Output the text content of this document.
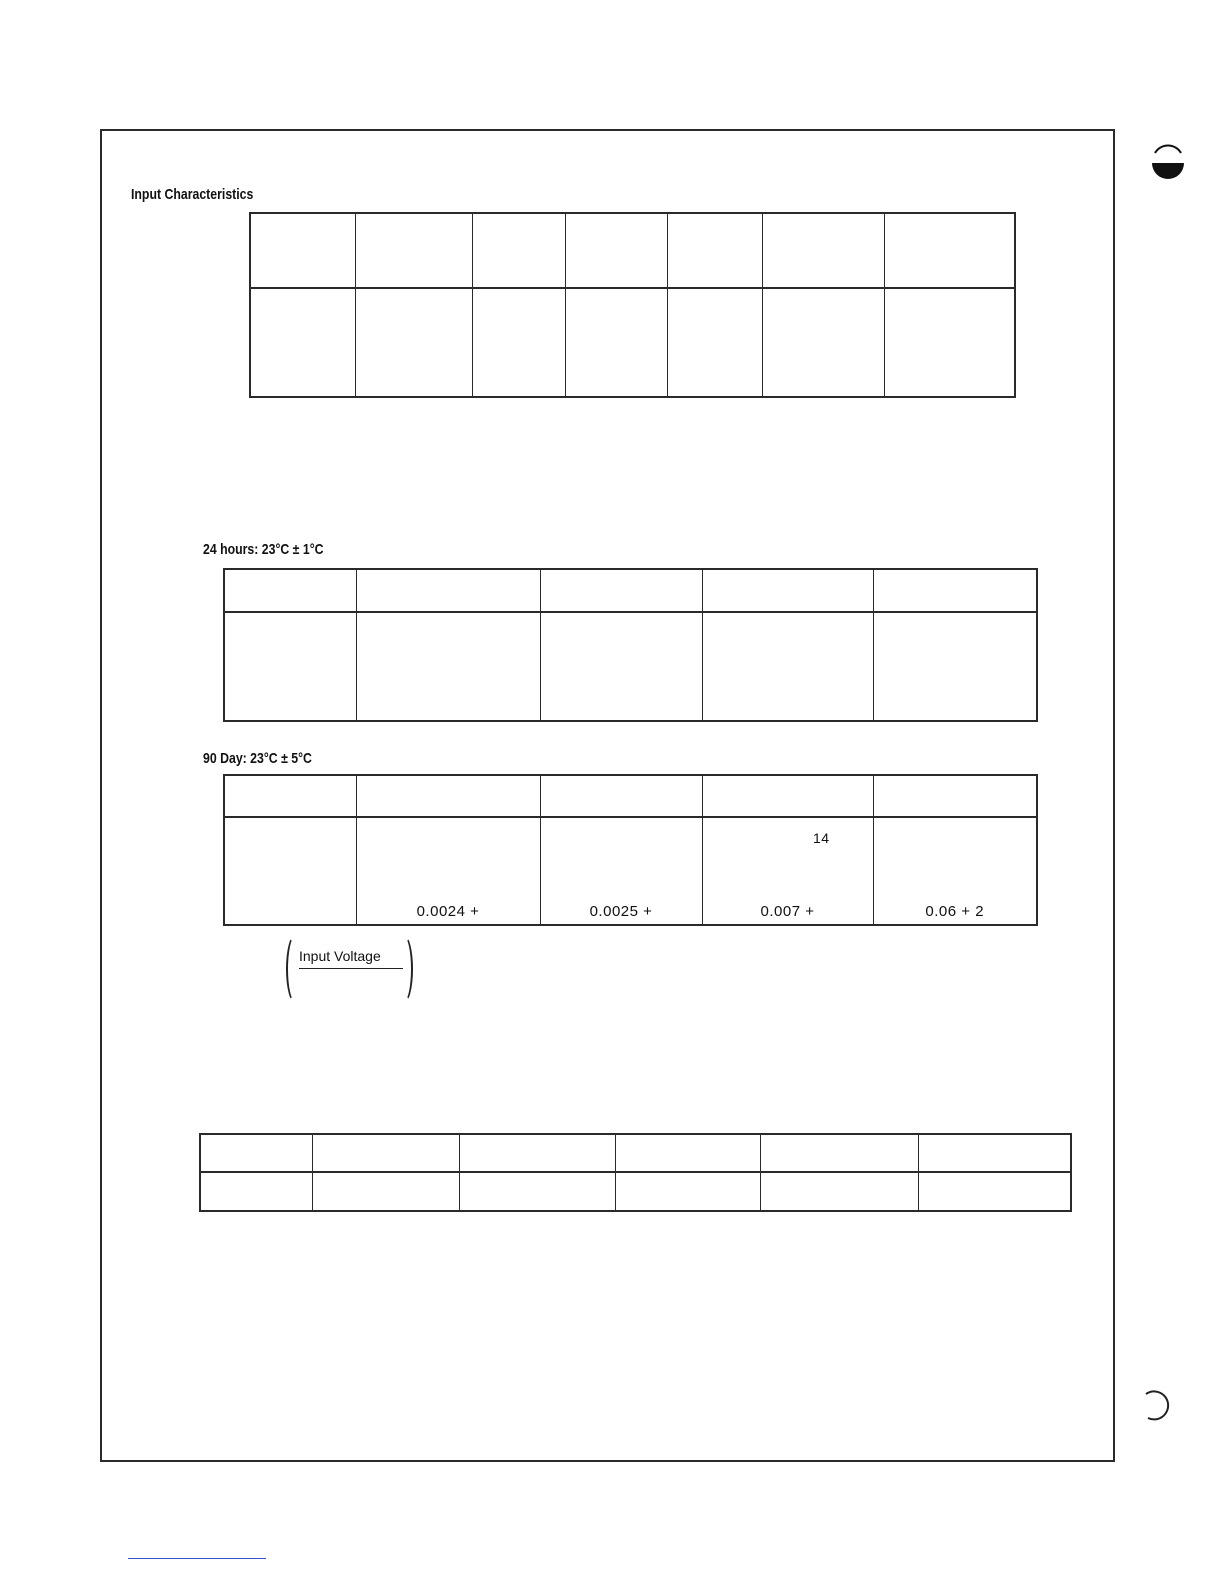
Input Characteristics

24 hours: 23°C ± 1°C

90 Day: 23°C ± 5°C

	0.0024 +	0.0025 +	0.007 +	0.06 + 2
14
Input Voltage
